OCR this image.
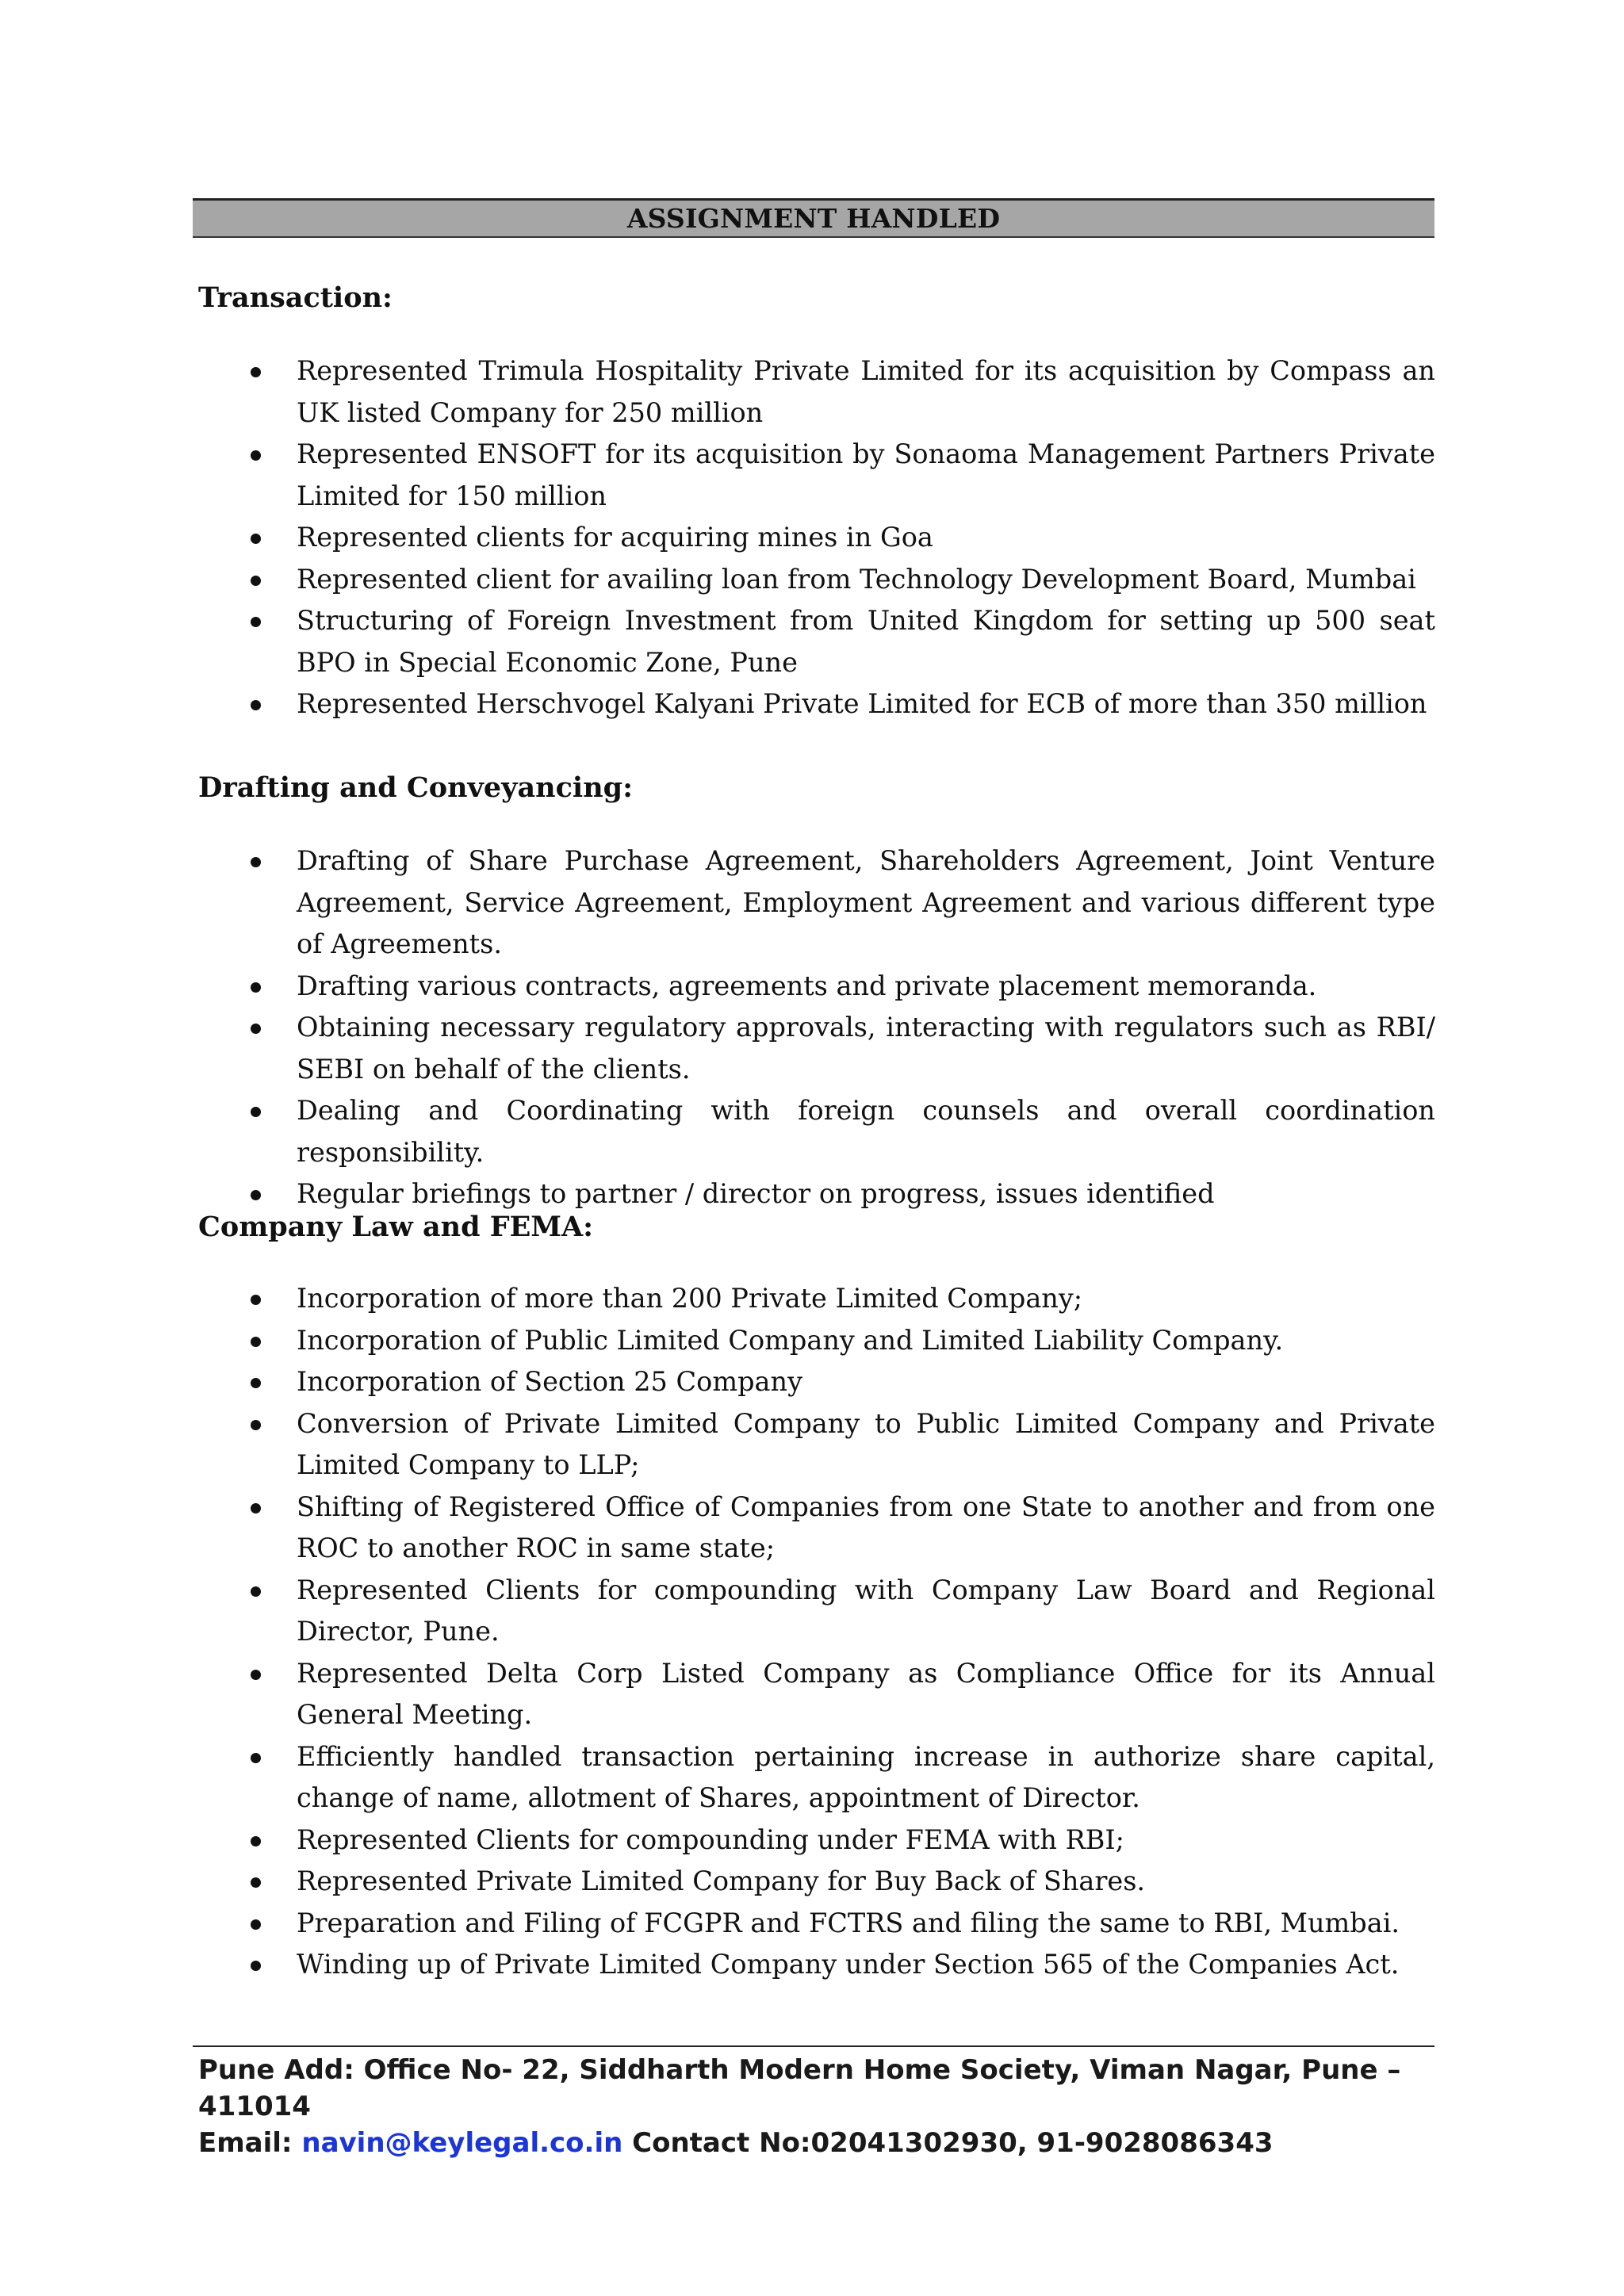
ASSIGNMENT HANDLED
Transaction:
Represented Trimula Hospitality Private Limited for its acquisition by Compass an UK listed Company for 250 million
Represented ENSOFT for its acquisition by Sonaoma Management Partners Private Limited for 150 million
Represented clients for acquiring mines in Goa
Represented client for availing loan from Technology Development Board, Mumbai
Structuring of Foreign Investment from United Kingdom for setting up 500 seat BPO in Special Economic Zone, Pune
Represented Herschvogel Kalyani Private Limited for ECB of more than 350 million
Drafting and Conveyancing:
Drafting of Share Purchase Agreement, Shareholders Agreement, Joint Venture Agreement, Service Agreement, Employment Agreement and various different type of Agreements.
Drafting various contracts, agreements and private placement memoranda.
Obtaining necessary regulatory approvals, interacting with regulators such as RBI/ SEBI on behalf of the clients.
Dealing and Coordinating with foreign counsels and overall coordination responsibility.
Regular briefings to partner / director on progress, issues identified
Company Law and FEMA:
Incorporation of more than 200 Private Limited Company;
Incorporation of Public Limited Company and Limited Liability Company.
Incorporation of Section 25 Company
Conversion of Private Limited Company to Public Limited Company and Private Limited Company to LLP;
Shifting of Registered Office of Companies from one State to another and from one ROC to another ROC in same state;
Represented Clients for compounding with Company Law Board and Regional Director, Pune.
Represented Delta Corp Listed Company as Compliance Office for its Annual General Meeting.
Efficiently handled transaction pertaining increase in authorize share capital, change of name, allotment of Shares, appointment of Director.
Represented Clients for compounding under FEMA with RBI;
Represented Private Limited Company for Buy Back of Shares.
Preparation and Filing of FCGPR and FCTRS and filing the same to RBI, Mumbai.
Winding up of Private Limited Company under Section 565 of the Companies Act.
Pune Add: Office No- 22, Siddharth Modern Home Society, Viman Nagar, Pune – 411014
Email: navin@keylegal.co.in Contact No:02041302930, 91-9028086343
